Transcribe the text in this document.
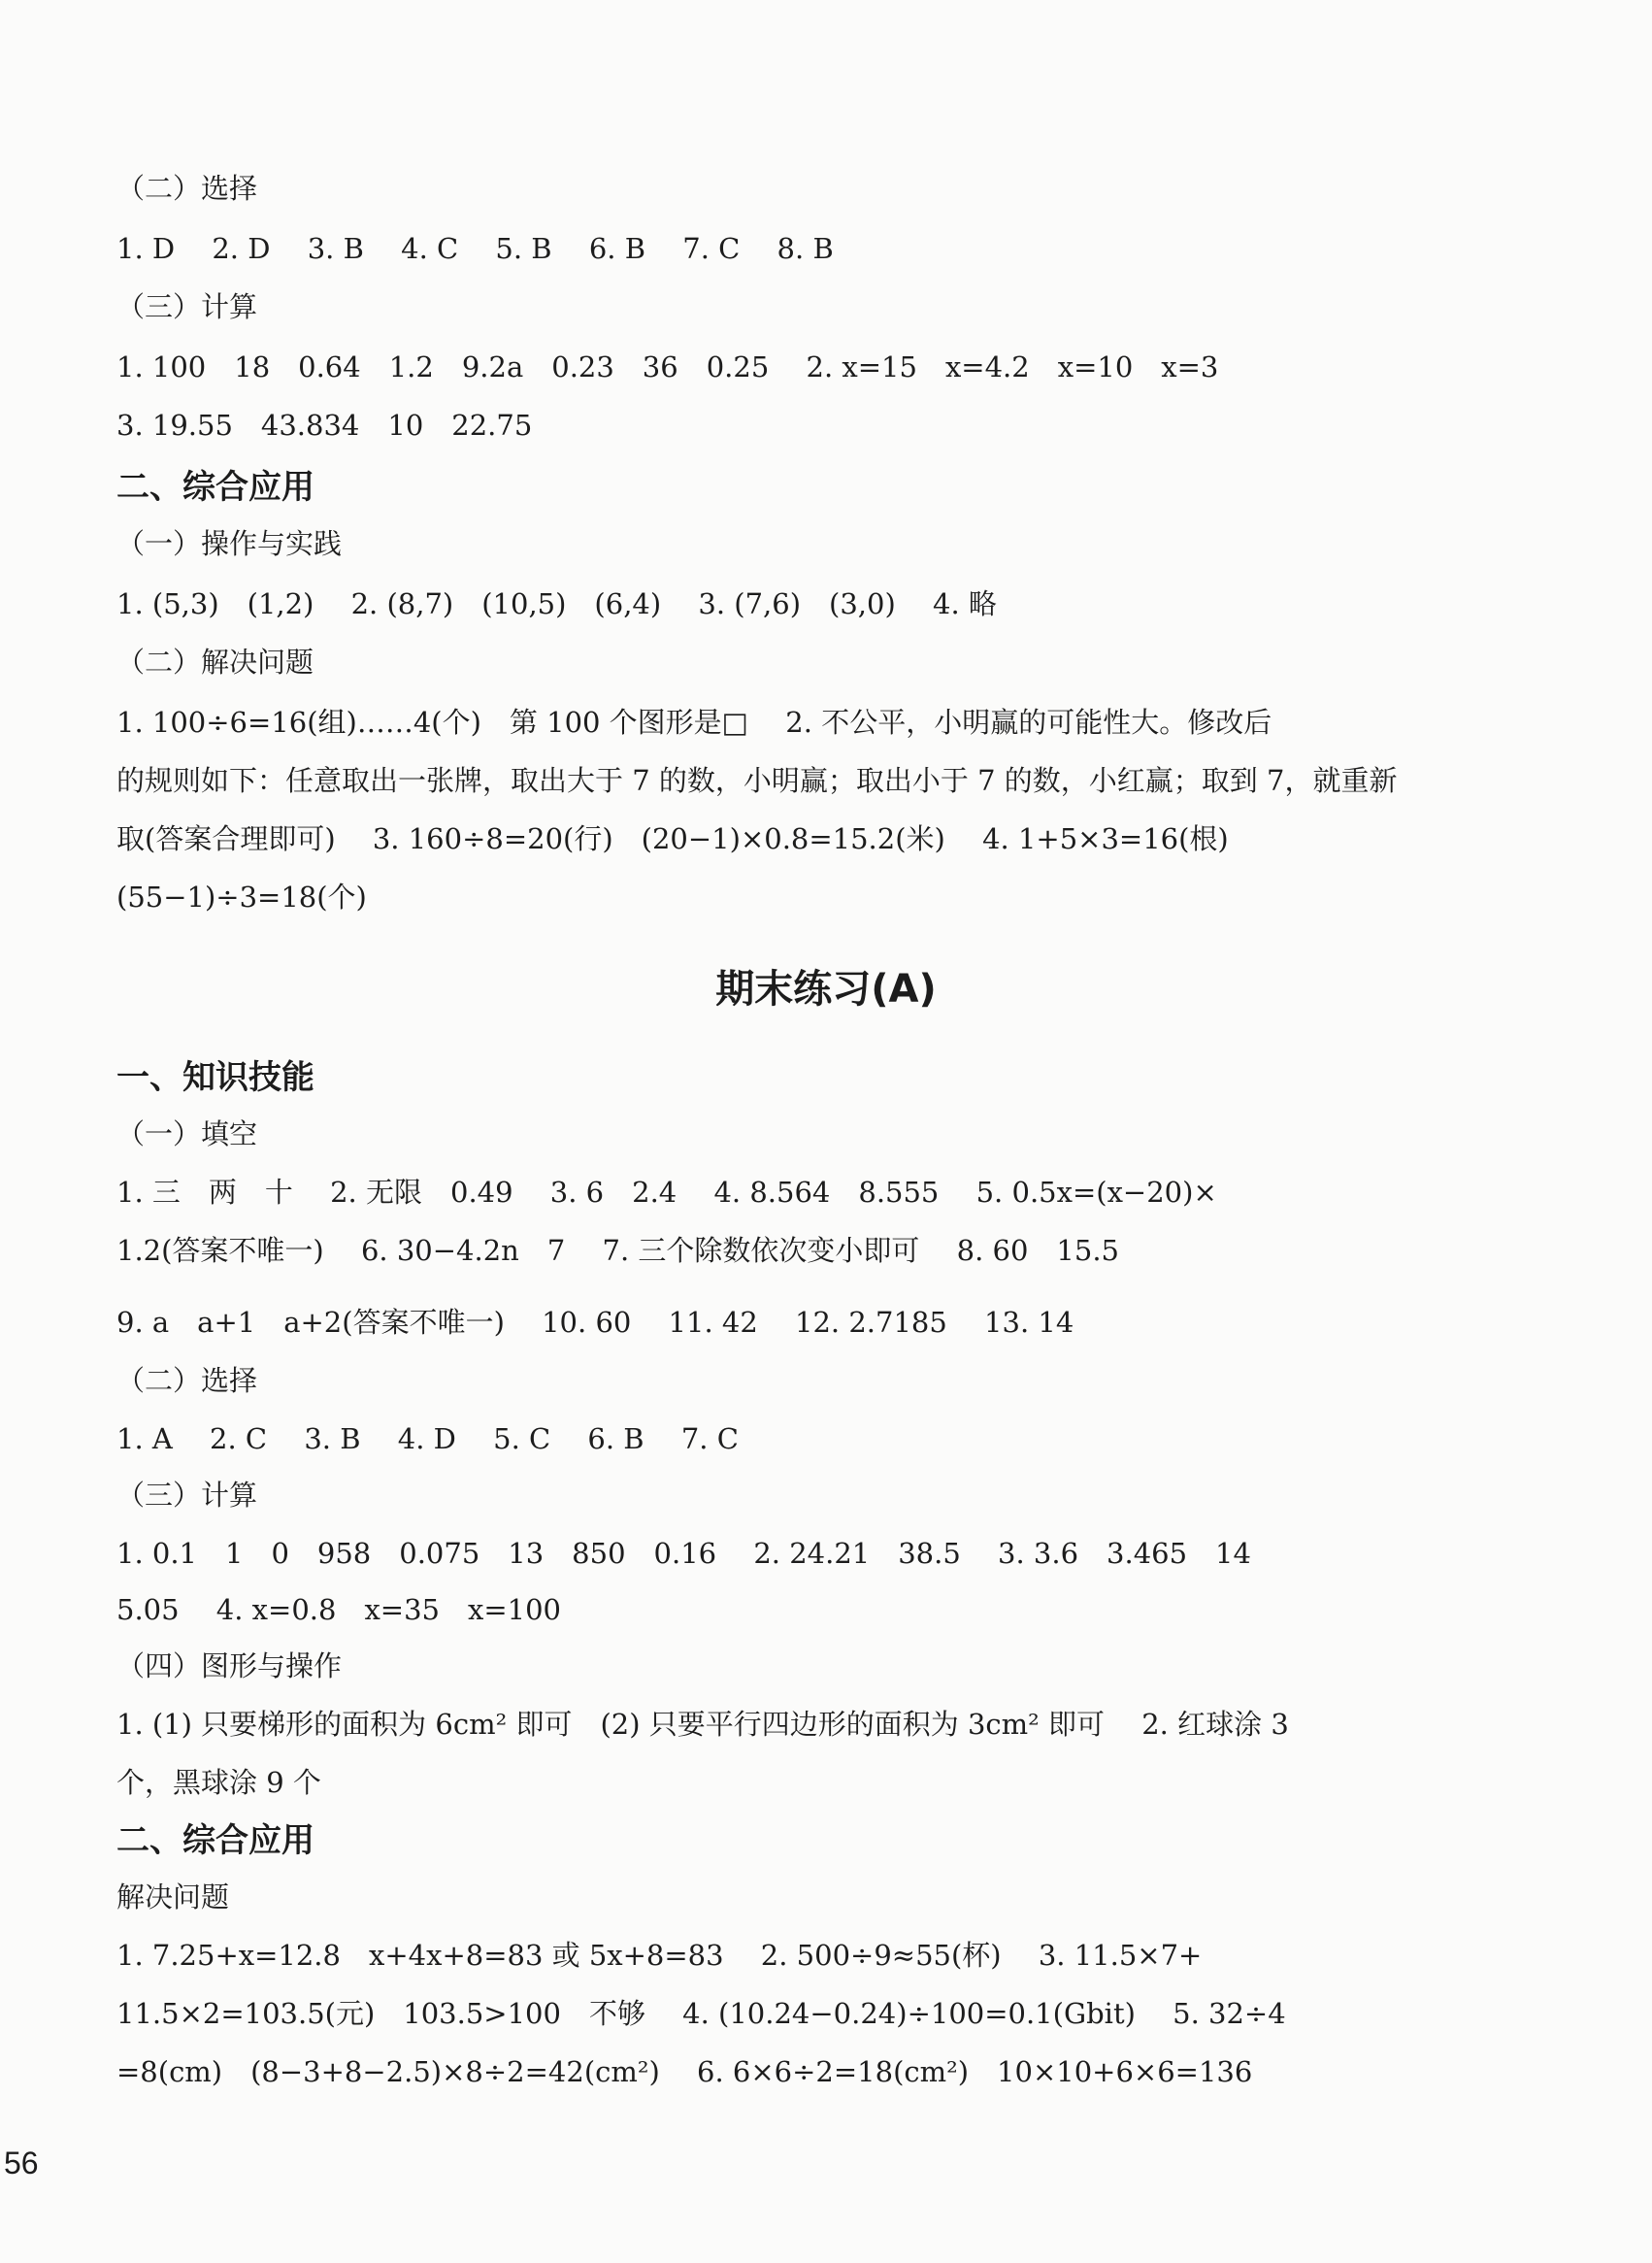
（二）选择
1. D　 2. D　 3. B　 4. C　 5. B　 6. B　 7. C　 8. B
（三）计算
1. 100　18　0.64　1.2　9.2a　0.23　36　0.25　 2. x=15　x=4.2　x=10　x=3
3. 19.55　43.834　10　22.75
二、综合应用
（一）操作与实践
1. (5,3)　(1,2)　 2. (8,7)　(10,5)　(6,4)　 3. (7,6)　(3,0)　 4. 略
（二）解决问题
1. 100÷6=16(组)……4(个)　第 100 个图形是□　 2. 不公平，小明赢的可能性大。修改后
的规则如下：任意取出一张牌，取出大于 7 的数，小明赢；取出小于 7 的数，小红赢；取到 7，就重新
取(答案合理即可)　 3. 160÷8=20(行)　(20−1)×0.8=15.2(米)　 4. 1+5×3=16(根)
(55−1)÷3=18(个)
期末练习(A)
一、知识技能
（一）填空
1. 三　两　十　 2. 无限　0.49　 3. 6　2.4　 4. 8.564　8.555　 5. 0.5x=(x−20)×
1.2(答案不唯一)　 6. 30−4.2n　7　 7. 三个除数依次变小即可　 8. 60　15.5
9. a　a+1　a+2(答案不唯一)　 10. 60　 11. 42　 12. 2.7185　 13. 14
（二）选择
1. A　 2. C　 3. B　 4. D　 5. C　 6. B　 7. C
（三）计算
1. 0.1　1　0　958　0.075　13　850　0.16　 2. 24.21　38.5　 3. 3.6　3.465　14
5.05　 4. x=0.8　x=35　x=100
（四）图形与操作
1. (1) 只要梯形的面积为 6cm² 即可　(2) 只要平行四边形的面积为 3cm² 即可　 2. 红球涂 3
个，黑球涂 9 个
二、综合应用
解决问题
1. 7.25+x=12.8　x+4x+8=83 或 5x+8=83　 2. 500÷9≈55(杯)　 3. 11.5×7+
11.5×2=103.5(元)　103.5>100　不够　 4. (10.24−0.24)÷100=0.1(Gbit)　 5. 32÷4
=8(cm)　(8−3+8−2.5)×8÷2=42(cm²)　 6. 6×6÷2=18(cm²)　10×10+6×6=136
56
